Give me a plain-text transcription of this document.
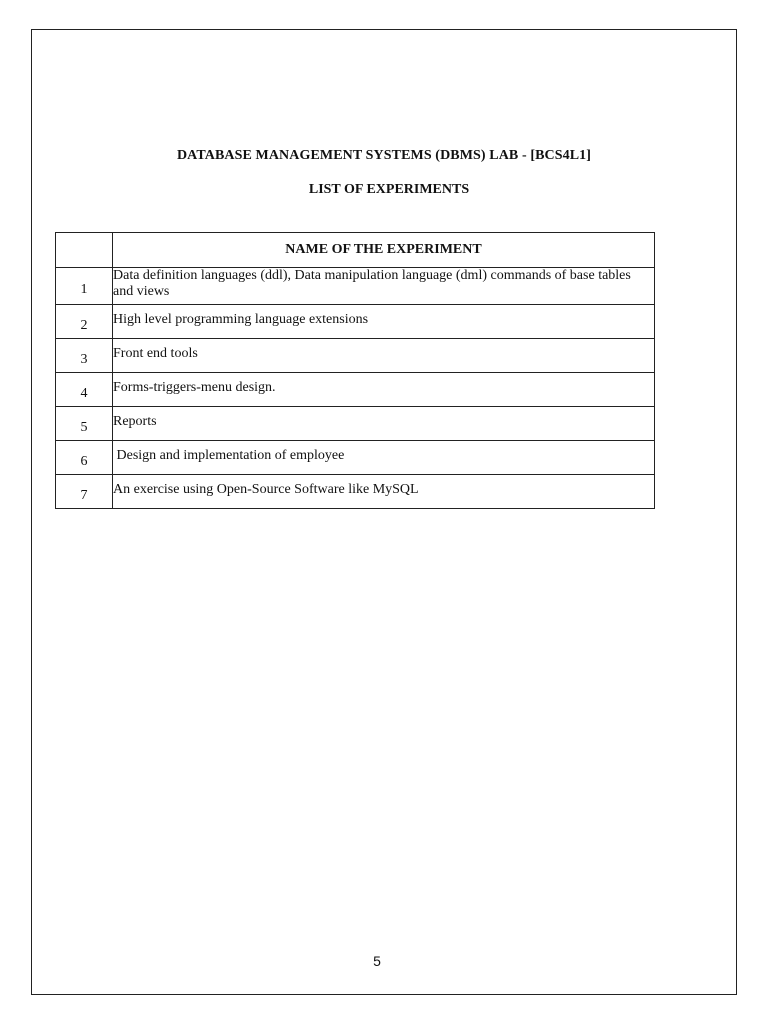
DATABASE MANAGEMENT SYSTEMS (DBMS) LAB - [BCS4L1]
LIST OF EXPERIMENTS
	NAME OF THE EXPERIMENT
1	Data definition languages (ddl), Data manipulation language (dml) commands of base tables and views
2	High level programming language extensions
3	Front end tools
4	Forms-triggers-menu design.
5	Reports
6	Design and implementation of employee
7	An exercise using Open-Source Software like MySQL
5
